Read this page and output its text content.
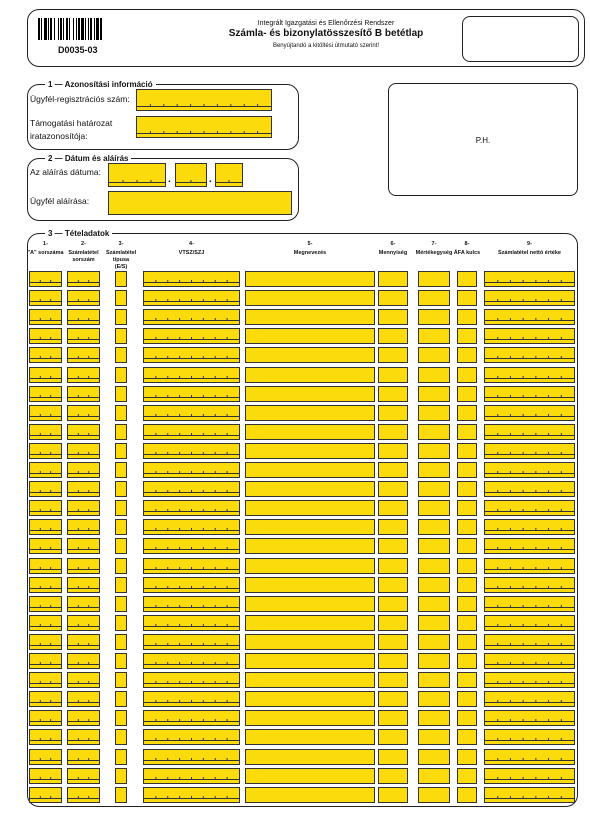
D0035-03
Integrált Igazgatási és Ellenőrzési Rendszer
Számla- és bizonylatösszesítő B betétlap
Benyújtandó a kitöltési útmutató szerint!
1 — Azonosítási információ
Ügyfél-regisztrációs szám:
Támogatási határozat
iratazonosítója:	P.H.
2 — Dátum és aláírás
Az aláírás dátuma:
.	.
Ügyfél aláírása:
3 — Tételadatok
1-
"A" sorszáma
2-
Számlatétel sorszám
3-
Számlatétel típusa (E/S)
4-
VTSZ/SZJ
5-
Megnevezés
6-
Mennyiség
7-
Mértékegység
8-
ÁFA kulcs
9-
Számlatétel nettó értéke
